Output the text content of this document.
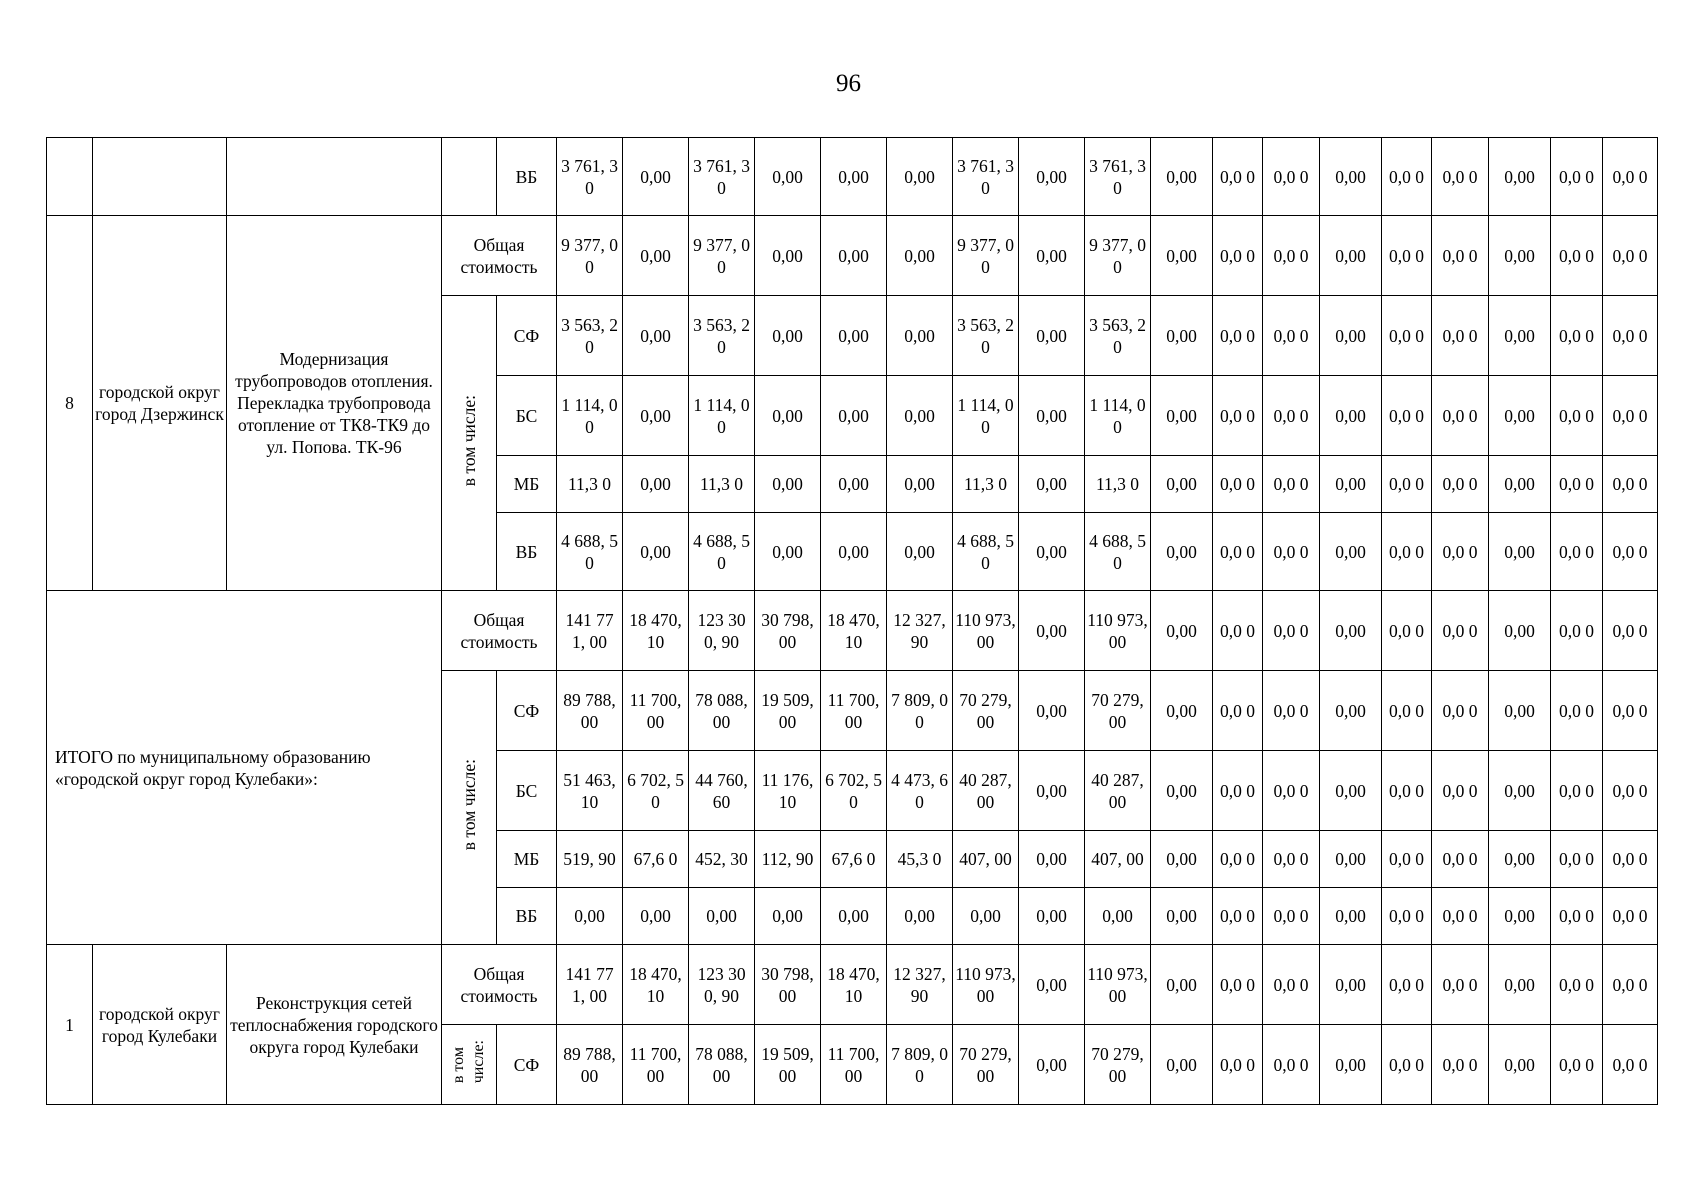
96
				ВБ	3 761, 30	0,00	3 761, 30	0,00	0,00	0,00	3 761, 30	0,00	3 761, 30	0,00	0,0 0	0,0 0	0,00	0,0 0	0,0 0	0,00	0,0 0	0,0 0
8	городской округ город Дзержинск	Модернизация трубопроводов отопления. Перекладка трубопровода отопление от ТК8-ТК9 до ул. Попова. ТК-96	Общая стоимость		9 377, 00	0,00	9 377, 00	0,00	0,00	0,00	9 377, 00	0,00	9 377, 00	0,00	0,0 0	0,0 0	0,00	0,0 0	0,0 0	0,00	0,0 0	0,0 0
			в том числе:	СФ	3 563, 20	0,00	3 563, 20	0,00	0,00	0,00	3 563, 20	0,00	3 563, 20	0,00	0,0 0	0,0 0	0,00	0,0 0	0,0 0	0,00	0,0 0	0,0 0
				БС	1 114, 00	0,00	1 114, 00	0,00	0,00	0,00	1 114, 00	0,00	1 114, 00	0,00	0,0 0	0,0 0	0,00	0,0 0	0,0 0	0,00	0,0 0	0,0 0
				МБ	11,3 0	0,00	11,3 0	0,00	0,00	0,00	11,3 0	0,00	11,3 0	0,00	0,0 0	0,0 0	0,00	0,0 0	0,0 0	0,00	0,0 0	0,0 0
				ВБ	4 688, 50	0,00	4 688, 50	0,00	0,00	0,00	4 688, 50	0,00	4 688, 50	0,00	0,0 0	0,0 0	0,00	0,0 0	0,0 0	0,00	0,0 0	0,0 0
ИТОГО по муниципальному образованию «городской округ город Кулебаки»:			Общая стоимость		141 771, 00	18 470, 10	123 300, 90	30 798, 00	18 470, 10	12 327, 90	110 973, 00	0,00	110 973, 00	0,00	0,0 0	0,0 0	0,00	0,0 0	0,0 0	0,00	0,0 0	0,0 0
			в том числе:	СФ	89 788, 00	11 700, 00	78 088, 00	19 509, 00	11 700, 00	7 809, 00	70 279, 00	0,00	70 279, 00	0,00	0,0 0	0,0 0	0,00	0,0 0	0,0 0	0,00	0,0 0	0,0 0
				БС	51 463, 10	6 702, 50	44 760, 60	11 176, 10	6 702, 50	4 473, 60	40 287, 00	0,00	40 287, 00	0,00	0,0 0	0,0 0	0,00	0,0 0	0,0 0	0,00	0,0 0	0,0 0
				МБ	519, 90	67,6 0	452, 30	112, 90	67,6 0	45,3 0	407, 00	0,00	407, 00	0,00	0,0 0	0,0 0	0,00	0,0 0	0,0 0	0,00	0,0 0	0,0 0
				ВБ	0,00	0,00	0,00	0,00	0,00	0,00	0,00	0,00	0,00	0,00	0,0 0	0,0 0	0,00	0,0 0	0,0 0	0,00	0,0 0	0,0 0
1	городской округ город Кулебаки	Реконструкция сетей теплоснабжения городского округа город Кулебаки	Общая стоимость		141 771, 00	18 470, 10	123 300, 90	30 798, 00	18 470, 10	12 327, 90	110 973, 00	0,00	110 973, 00	0,00	0,0 0	0,0 0	0,00	0,0 0	0,0 0	0,00	0,0 0	0,0 0
			в том числе:	СФ	89 788, 00	11 700, 00	78 088, 00	19 509, 00	11 700, 00	7 809, 00	70 279, 00	0,00	70 279, 00	0,00	0,0 0	0,0 0	0,00	0,0 0	0,0 0	0,00	0,0 0	0,0 0
